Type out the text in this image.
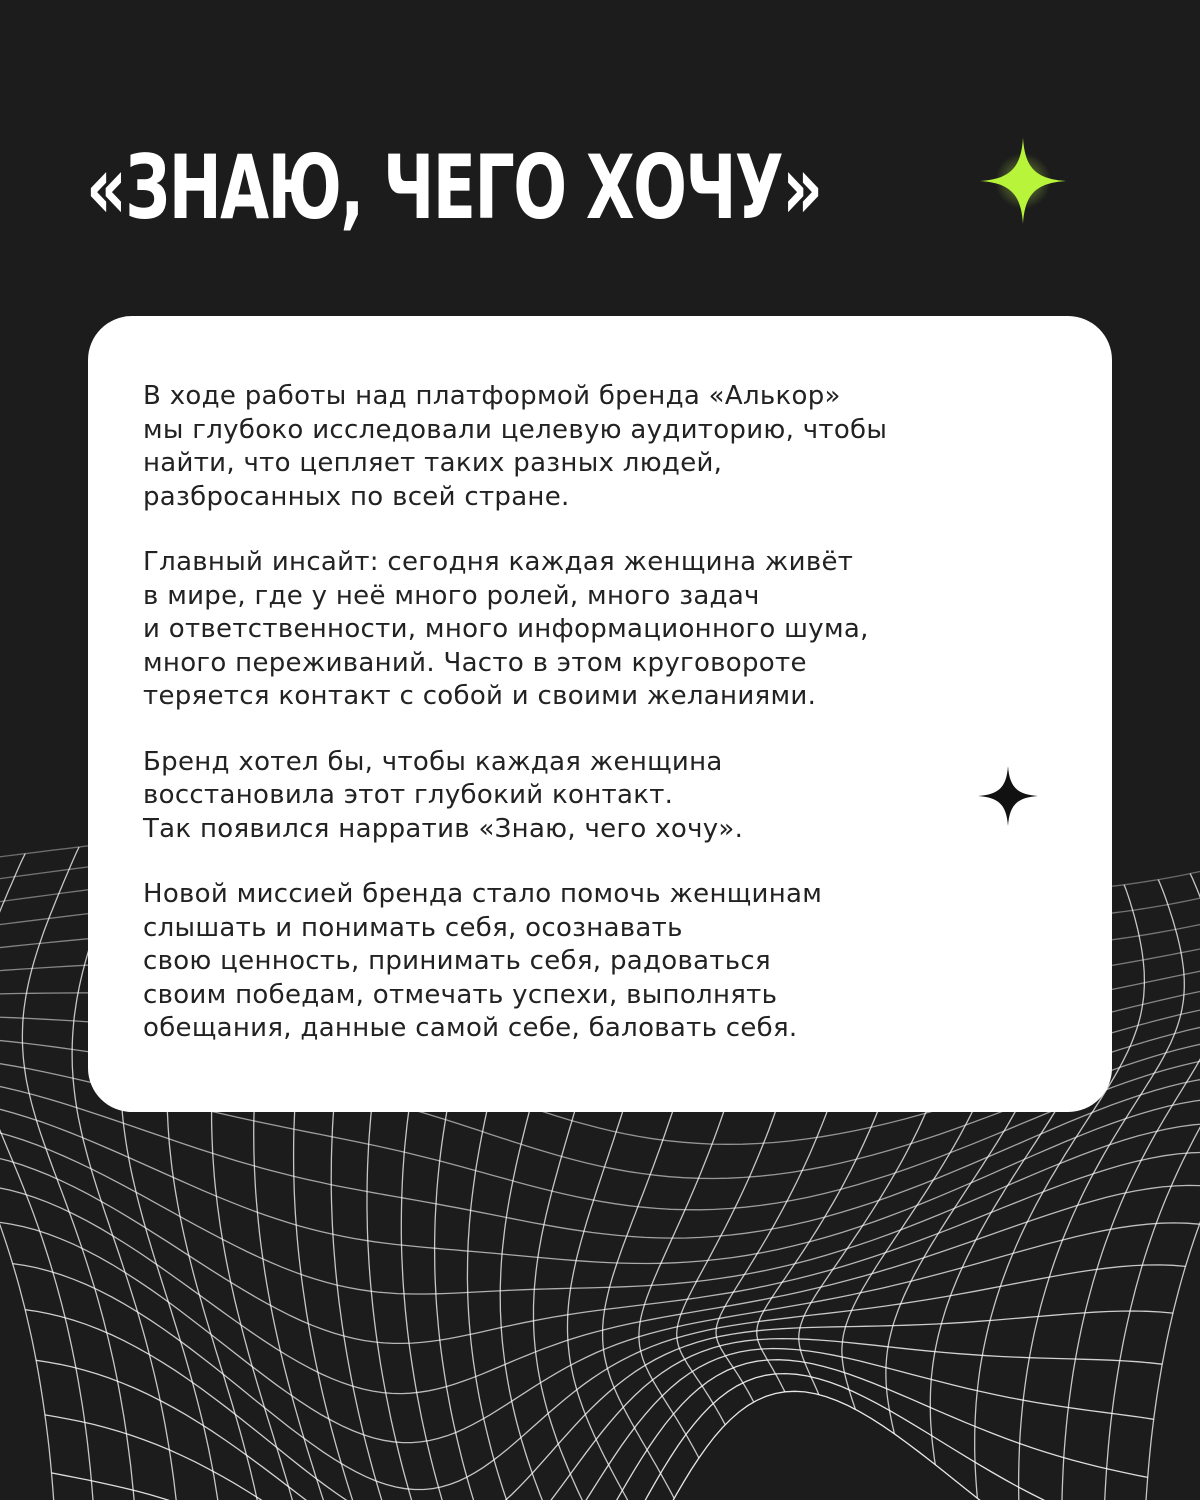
«ЗНАЮ, ЧЕГО ХОЧУ»

В ходе работы над платформой бренда «Алькор»
мы глубоко исследовали целевую аудиторию, чтобы
найти, что цепляет таких разных людей,
разбросанных по всей стране.

Главный инсайт: сегодня каждая женщина живёт
в мире, где у неё много ролей, много задач
и ответственности, много информационного шума,
много переживаний. Часто в этом круговороте
теряется контакт с собой и своими желаниями.

Бренд хотел бы, чтобы каждая женщина
восстановила этот глубокий контакт.
Так появился нарратив «Знаю, чего хочу».

Новой миссией бренда стало помочь женщинам
слышать и понимать себя, осознавать
свою ценность, принимать себя, радоваться
своим победам, отмечать успехи, выполнять
обещания, данные самой себе, баловать себя.
